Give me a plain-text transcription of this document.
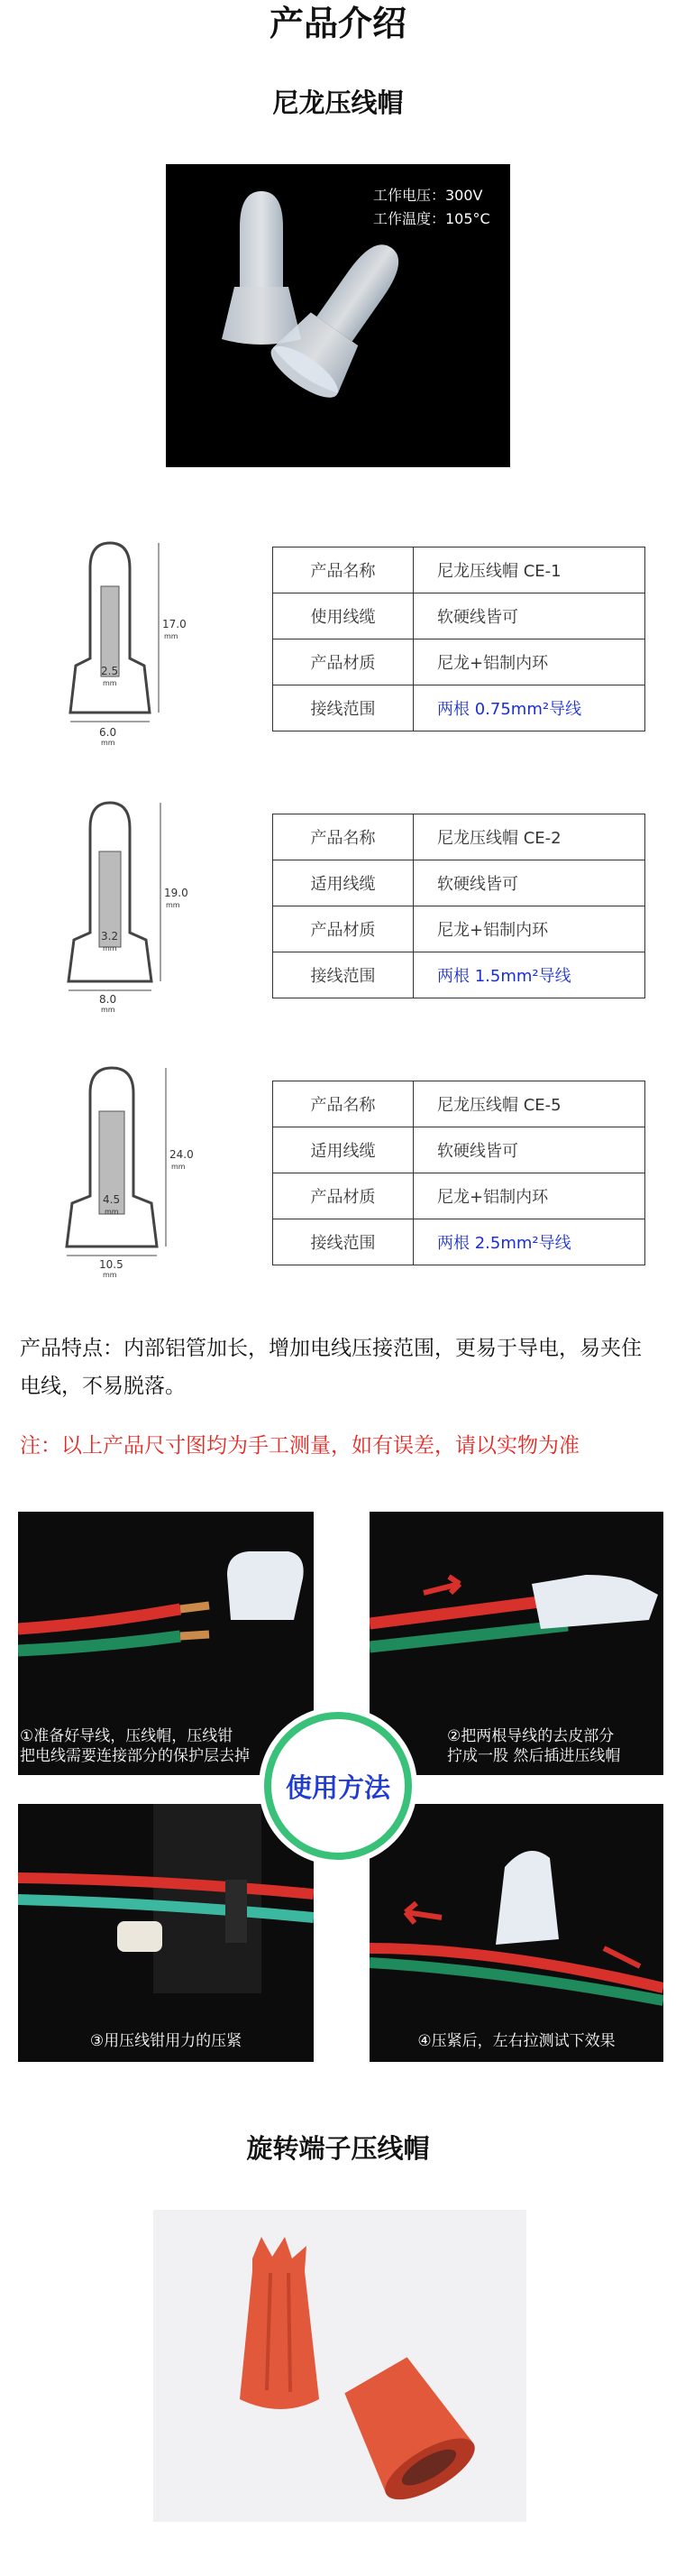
产品介绍
尼龙压线帽
工作电压：300V
工作温度：105°C
17.0
mm
2.5
mm
6.0
mm
产品名称	尼龙压线帽 CE-1
使用线缆	软硬线皆可
产品材质	尼龙+铝制内环
接线范围	两根 0.75mm²导线
19.0
mm
3.2
mm
8.0
mm
产品名称	尼龙压线帽 CE-2
适用线缆	软硬线皆可
产品材质	尼龙+铝制内环
接线范围	两根 1.5mm²导线
24.0
mm
4.5
mm
10.5
mm
产品名称	尼龙压线帽 CE-5
适用线缆	软硬线皆可
产品材质	尼龙+铝制内环
接线范围	两根 2.5mm²导线
产品特点：内部铝管加长，增加电线压接范围，更易于导电，易夹住电线，不易脱落。
注：以上产品尺寸图均为手工测量，如有误差，请以实物为准
①准备好导线，压线帽，压线钳
把电线需要连接部分的保护层去掉
②把两根导线的去皮部分
拧成一股 然后插进压线帽
③用压线钳用力的压紧	④压紧后，左右拉测试下效果
使用方法
旋转端子压线帽
